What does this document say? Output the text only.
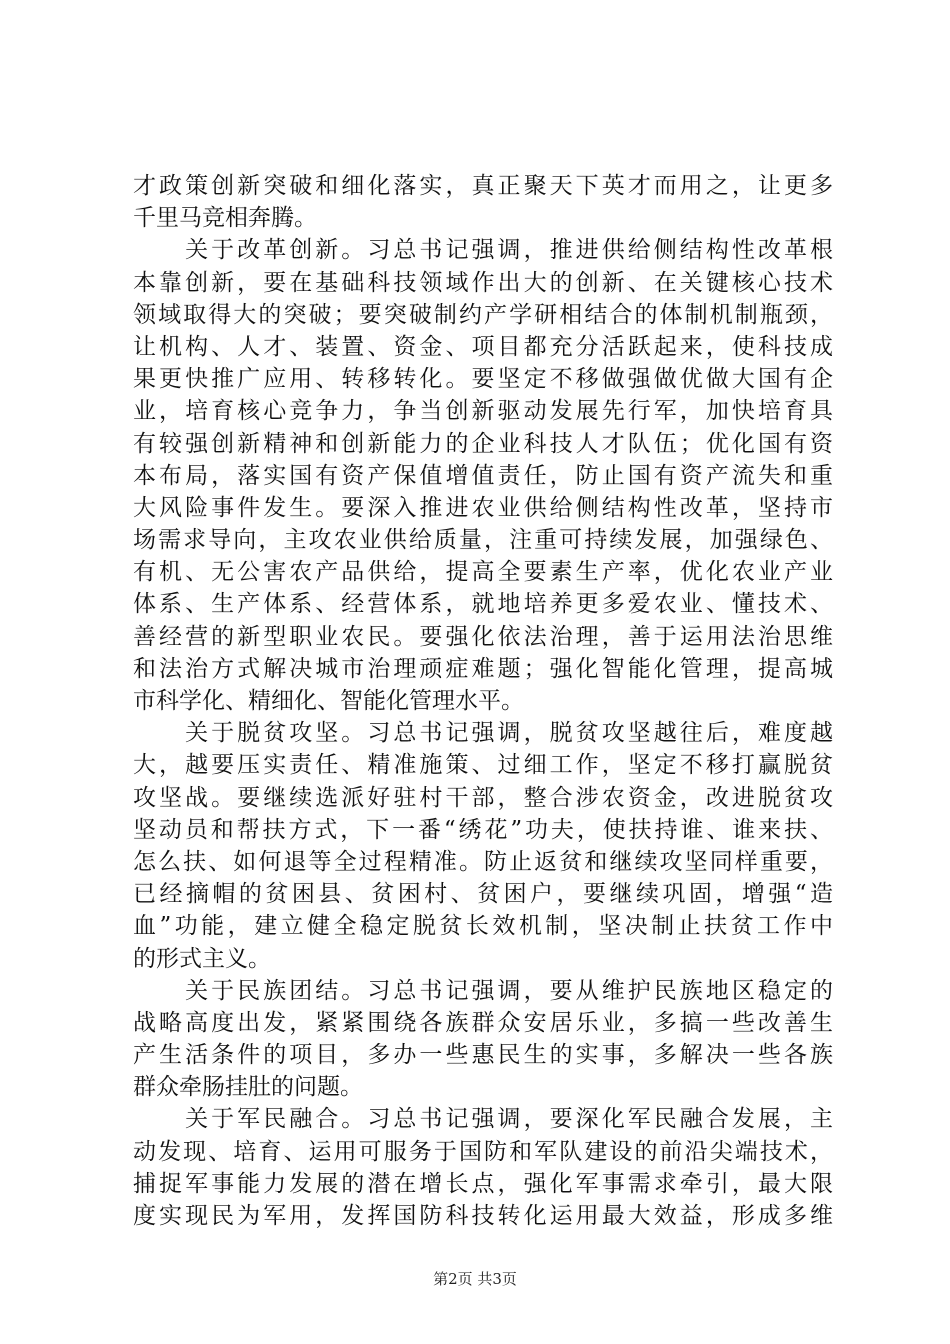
才政策创新突破和细化落实，真正聚天下英才而用之，让更多
千里马竞相奔腾。
　　关于改革创新。习总书记强调，推进供给侧结构性改革根
本靠创新，要在基础科技领域作出大的创新、在关键核心技术
领域取得大的突破；要突破制约产学研相结合的体制机制瓶颈，
让机构、人才、装置、资金、项目都充分活跃起来，使科技成
果更快推广应用、转移转化。要坚定不移做强做优做大国有企
业，培育核心竞争力，争当创新驱动发展先行军，加快培育具
有较强创新精神和创新能力的企业科技人才队伍；优化国有资
本布局，落实国有资产保值增值责任，防止国有资产流失和重
大风险事件发生。要深入推进农业供给侧结构性改革，坚持市
场需求导向，主攻农业供给质量，注重可持续发展，加强绿色、
有机、无公害农产品供给，提高全要素生产率，优化农业产业
体系、生产体系、经营体系，就地培养更多爱农业、懂技术、
善经营的新型职业农民。要强化依法治理，善于运用法治思维
和法治方式解决城市治理顽症难题；强化智能化管理，提高城
市科学化、精细化、智能化管理水平。
　　关于脱贫攻坚。习总书记强调，脱贫攻坚越往后，难度越
大，越要压实责任、精准施策、过细工作，坚定不移打赢脱贫
攻坚战。要继续选派好驻村干部，整合涉农资金，改进脱贫攻
坚动员和帮扶方式，下一番“绣花”功夫，使扶持谁、谁来扶、
怎么扶、如何退等全过程精准。防止返贫和继续攻坚同样重要，
已经摘帽的贫困县、贫困村、贫困户，要继续巩固，增强“造
血”功能，建立健全稳定脱贫长效机制，坚决制止扶贫工作中
的形式主义。
　　关于民族团结。习总书记强调，要从维护民族地区稳定的
战略高度出发，紧紧围绕各族群众安居乐业，多搞一些改善生
产生活条件的项目，多办一些惠民生的实事，多解决一些各族
群众牵肠挂肚的问题。
　　关于军民融合。习总书记强调，要深化军民融合发展，主
动发现、培育、运用可服务于国防和军队建设的前沿尖端技术，
捕捉军事能力发展的潜在增长点，强化军事需求牵引，最大限
度实现民为军用，发挥国防科技转化运用最大效益，形成多维
第2页 共3页
